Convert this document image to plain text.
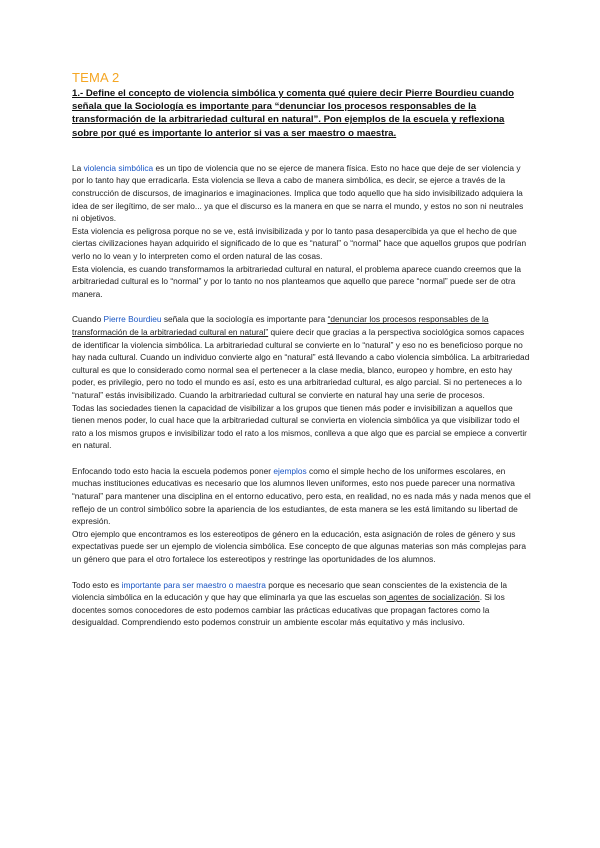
TEMA 2

1.- Define el concepto de violencia simbólica y comenta qué quiere decir Pierre Bourdieu cuando señala que la Sociología es importante para “denunciar los procesos responsables de la transformación de la arbitrariedad cultural en natural”. Pon ejemplos de la escuela y reflexiona sobre por qué es importante lo anterior si vas a ser maestro o maestra.

La violencia simbólica es un tipo de violencia que no se ejerce de manera física. Esto no hace que deje de ser violencia y por lo tanto hay que erradicarla. Esta violencia se lleva a cabo de manera simbólica, es decir, se ejerce a través de la construcción de discursos, de imaginarios e imaginaciones. Implica que todo aquello que ha sido invisibilizado adquiera la idea de ser ilegítimo, de ser malo... ya que el discurso es la manera en que se narra el mundo, y estos no son ni neutrales ni objetivos.

Esta violencia es peligrosa porque no se ve, está invisibilizada y por lo tanto pasa desapercibida ya que el hecho de que ciertas civilizaciones hayan adquirido el significado de lo que es “natural” o “normal” hace que aquellos grupos que podrían verlo no lo vean y lo interpreten como el orden natural de las cosas.

Esta violencia, es cuando transformamos la arbitrariedad cultural en natural, el problema aparece cuando creemos que la arbitrariedad cultural es lo “normal” y por lo tanto no nos planteamos que aquello que parece “normal” puede ser de otra manera.

Cuando Pierre Bourdieu señala que la sociología es importante para “denunciar los procesos responsables de la transformación de la arbitrariedad cultural en natural” quiere decir que gracias a la perspectiva sociológica somos capaces de identificar la violencia simbólica. La arbitrariedad cultural se convierte en lo “natural” y eso no es beneficioso porque no hay nada cultural. Cuando un individuo convierte algo en “natural” está llevando a cabo violencia simbólica. La arbitrariedad cultural es que lo considerado como normal sea el pertenecer a la clase media, blanco, europeo y hombre, en esto hay poder, es privilegio, pero no todo el mundo es así, esto es una arbitrariedad cultural, es algo parcial. Si no perteneces a lo “natural” estás invisibilizado. Cuando la arbitrariedad cultural se convierte en natural hay una serie de procesos.

Todas las sociedades tienen la capacidad de visibilizar a los grupos que tienen más poder e invisibilizan a aquellos que tienen menos poder, lo cual hace que la arbitrariedad cultural se convierta en violencia simbólica ya que visibilizar todo el rato a los mismos grupos e invisibilizar todo el rato a los mismos, conlleva a que algo que es parcial se empiece a convertir en natural.

Enfocando todo esto hacia la escuela podemos poner ejemplos como el simple hecho de los uniformes escolares, en muchas instituciones educativas es necesario que los alumnos lleven uniformes, esto nos puede parecer una normativa “natural” para mantener una disciplina en el entorno educativo, pero esta, en realidad, no es nada más y nada menos que el reflejo de un control simbólico sobre la apariencia de los estudiantes, de esta manera se les está limitando su libertad de expresión.

Otro ejemplo que encontramos es los estereotipos de género en la educación, esta asignación de roles de género y sus expectativas puede ser un ejemplo de violencia simbólica. Ese concepto de que algunas materias son más complejas para un género que para el otro fortalece los estereotipos y restringe las oportunidades de los alumnos.

Todo esto es importante para ser maestro o maestra porque es necesario que sean conscientes de la existencia de la violencia simbólica en la educación y que hay que eliminarla ya que las escuelas son agentes de socialización. Si los docentes somos conocedores de esto podemos cambiar las prácticas educativas que propagan factores como la desigualdad. Comprendiendo esto podemos construir un ambiente escolar más equitativo y más inclusivo.
